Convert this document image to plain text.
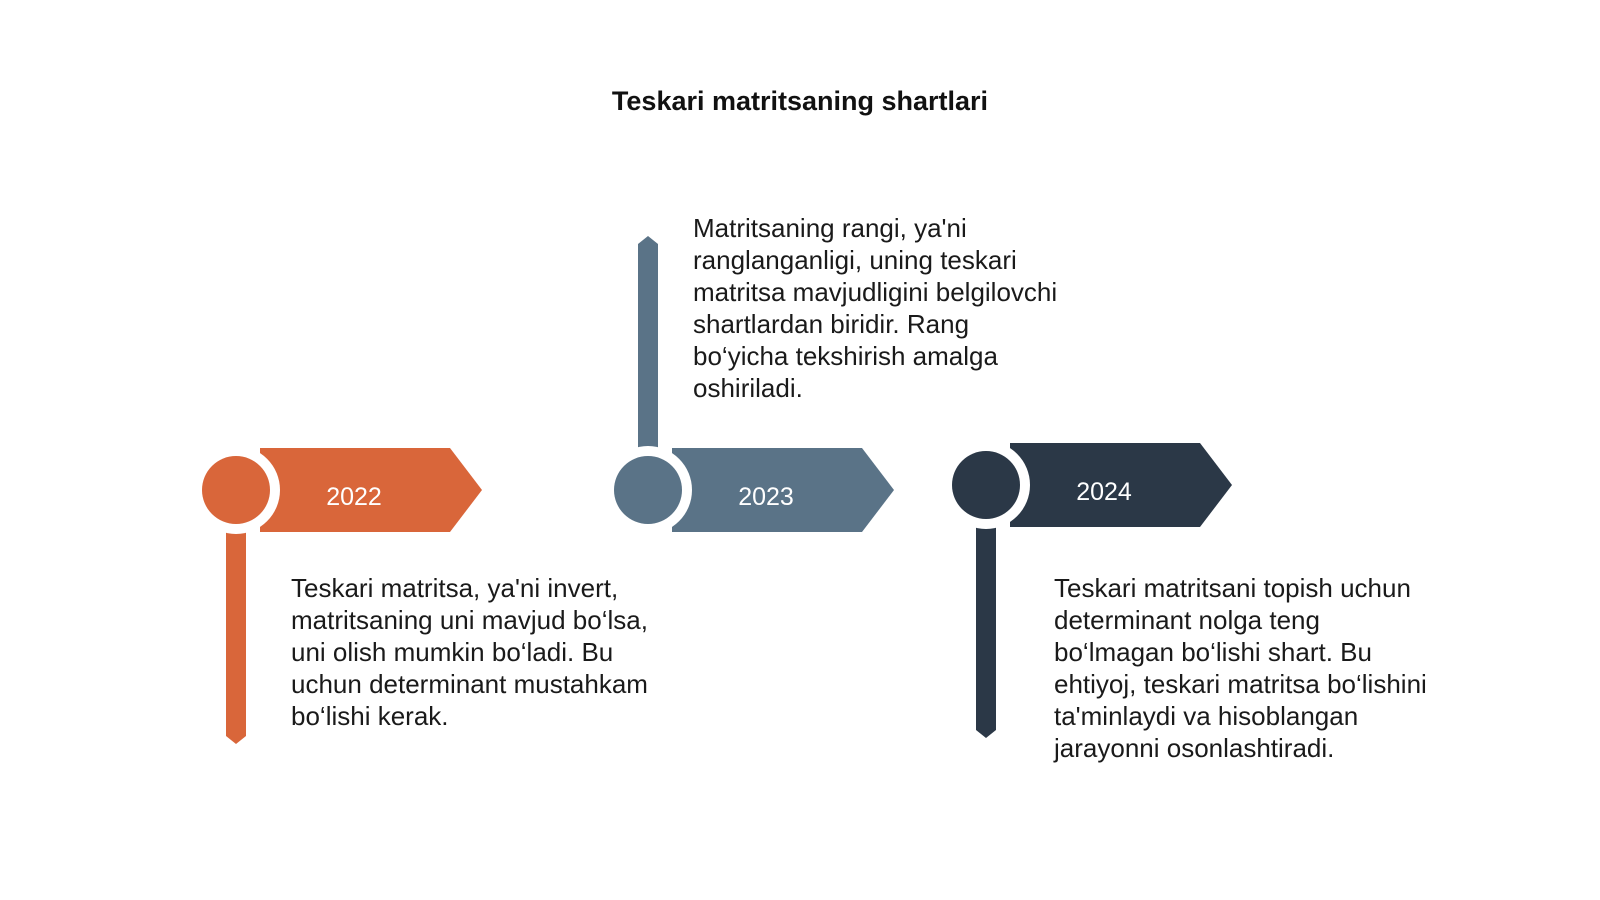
Teskari matritsaning shartlari
2022	2023	2024
Teskari matritsa, ya'ni invert, matritsaning uni mavjud bo‘lsa, uni olish mumkin bo‘ladi. Bu uchun determinant mustahkam bo‘lishi kerak.
Matritsaning rangi, ya'ni ranglanganligi, uning teskari matritsa mavjudligini belgilovchi shartlardan biridir. Rang bo‘yicha tekshirish amalga oshiriladi.
Teskari matritsani topish uchun determinant nolga teng bo‘lmagan bo‘lishi shart. Bu ehtiyoj, teskari matritsa bo‘lishini ta'minlaydi va hisoblangan jarayonni osonlashtiradi.
